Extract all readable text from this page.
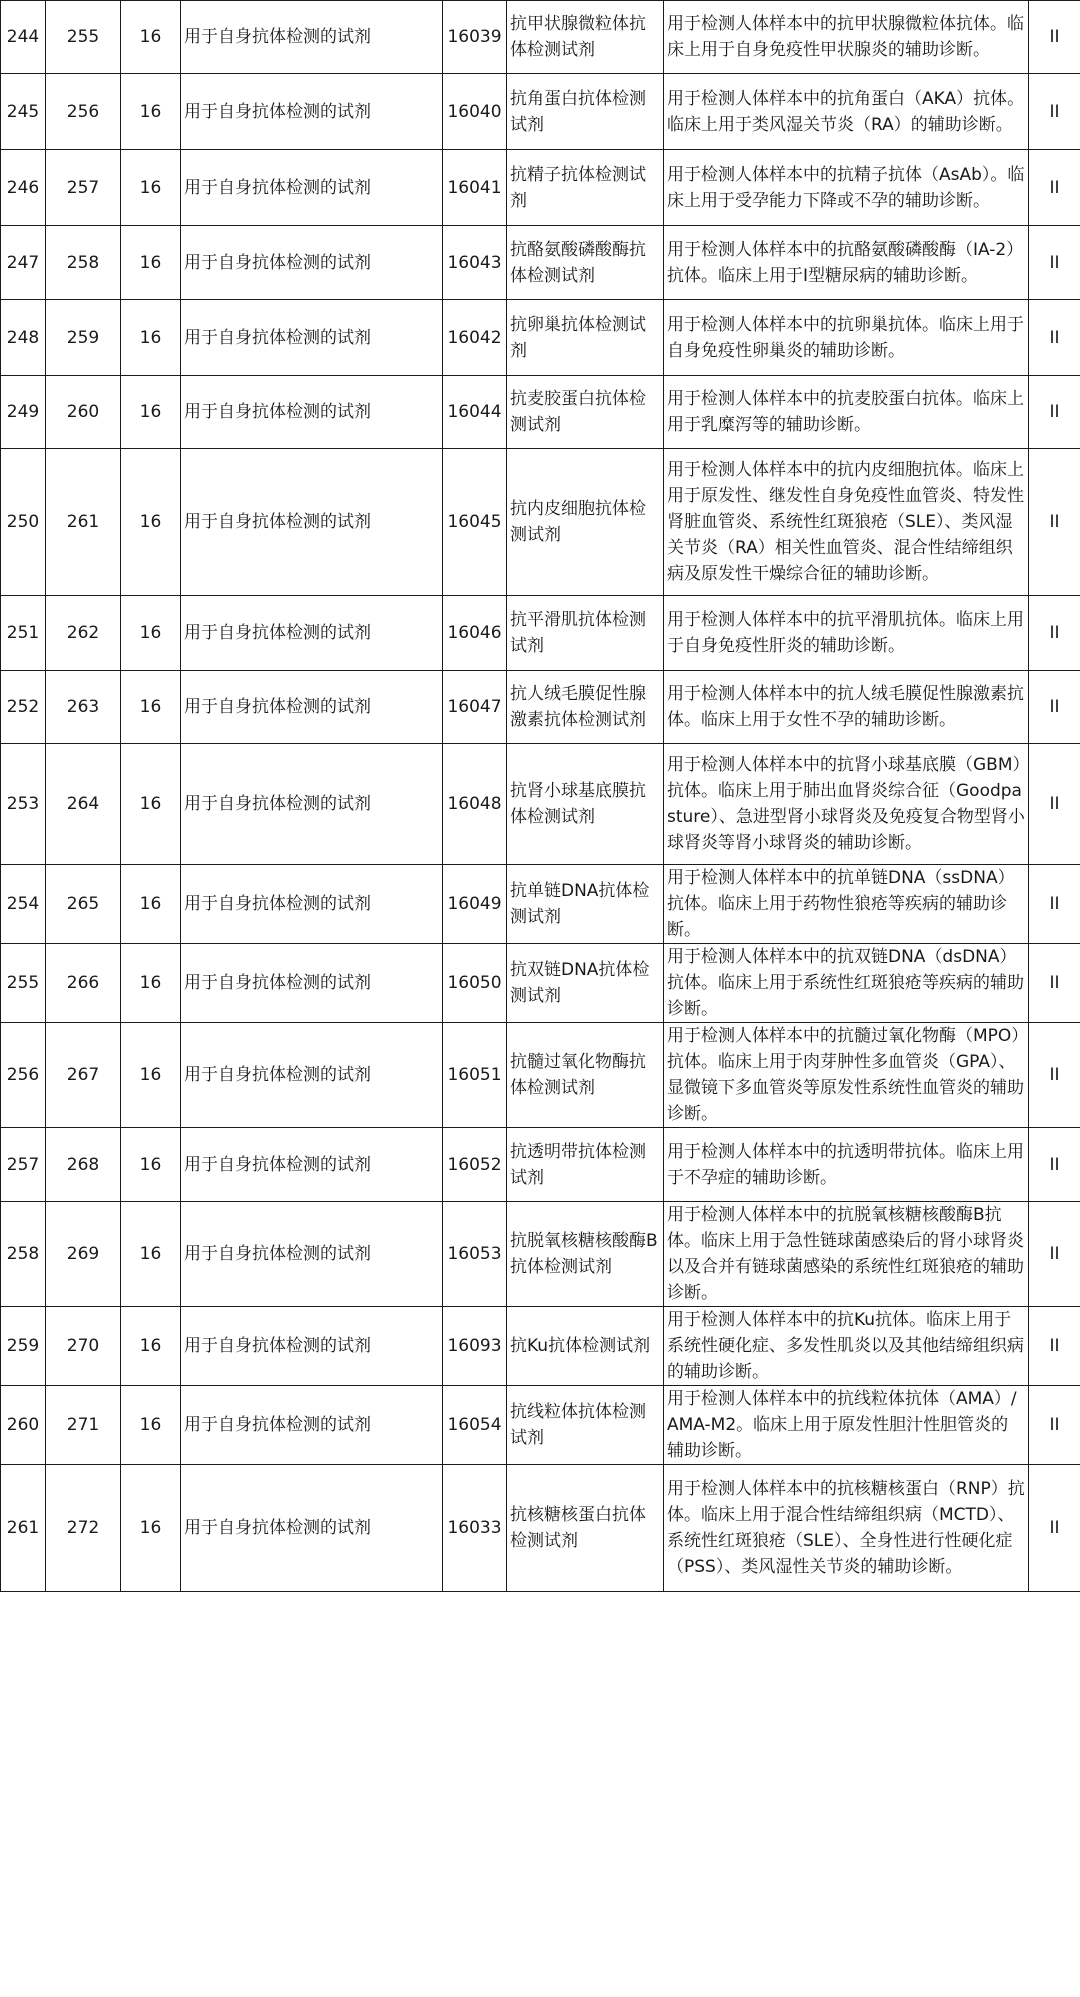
244	255	16	用于自身抗体检测的试剂	16039	抗甲状腺微粒体抗体检测试剂	用于检测人体样本中的抗甲状腺微粒体抗体。临床上用于自身免疫性甲状腺炎的辅助诊断。	II
245	256	16	用于自身抗体检测的试剂	16040	抗角蛋白抗体检测试剂	用于检测人体样本中的抗角蛋白（AKA）抗体。临床上用于类风湿关节炎（RA）的辅助诊断。	II
246	257	16	用于自身抗体检测的试剂	16041	抗精子抗体检测试剂	用于检测人体样本中的抗精子抗体（AsAb）。临床上用于受孕能力下降或不孕的辅助诊断。	II
247	258	16	用于自身抗体检测的试剂	16043	抗酪氨酸磷酸酶抗体检测试剂	用于检测人体样本中的抗酪氨酸磷酸酶（IA-2）抗体。临床上用于Ⅰ型糖尿病的辅助诊断。	II
248	259	16	用于自身抗体检测的试剂	16042	抗卵巢抗体检测试剂	用于检测人体样本中的抗卵巢抗体。临床上用于自身免疫性卵巢炎的辅助诊断。	II
249	260	16	用于自身抗体检测的试剂	16044	抗麦胶蛋白抗体检测试剂	用于检测人体样本中的抗麦胶蛋白抗体。临床上用于乳糜泻等的辅助诊断。	II
250	261	16	用于自身抗体检测的试剂	16045	抗内皮细胞抗体检测试剂	用于检测人体样本中的抗内皮细胞抗体。临床上用于原发性、继发性自身免疫性血管炎、特发性肾脏血管炎、系统性红斑狼疮（SLE）、类风湿关节炎（RA）相关性血管炎、混合性结缔组织病及原发性干燥综合征的辅助诊断。	II
251	262	16	用于自身抗体检测的试剂	16046	抗平滑肌抗体检测试剂	用于检测人体样本中的抗平滑肌抗体。临床上用于自身免疫性肝炎的辅助诊断。	II
252	263	16	用于自身抗体检测的试剂	16047	抗人绒毛膜促性腺激素抗体检测试剂	用于检测人体样本中的抗人绒毛膜促性腺激素抗体。临床上用于女性不孕的辅助诊断。	II
253	264	16	用于自身抗体检测的试剂	16048	抗肾小球基底膜抗体检测试剂	用于检测人体样本中的抗肾小球基底膜（GBM）抗体。临床上用于肺出血肾炎综合征（Goodpasture）、急进型肾小球肾炎及免疫复合物型肾小球肾炎等肾小球肾炎的辅助诊断。	II
254	265	16	用于自身抗体检测的试剂	16049	抗单链DNA抗体检测试剂	用于检测人体样本中的抗单链DNA（ssDNA）抗体。临床上用于药物性狼疮等疾病的辅助诊断。	II
255	266	16	用于自身抗体检测的试剂	16050	抗双链DNA抗体检测试剂	用于检测人体样本中的抗双链DNA（dsDNA）抗体。临床上用于系统性红斑狼疮等疾病的辅助诊断。	II
256	267	16	用于自身抗体检测的试剂	16051	抗髓过氧化物酶抗体检测试剂	用于检测人体样本中的抗髓过氧化物酶（MPO）抗体。临床上用于肉芽肿性多血管炎（GPA）、显微镜下多血管炎等原发性系统性血管炎的辅助诊断。	II
257	268	16	用于自身抗体检测的试剂	16052	抗透明带抗体检测试剂	用于检测人体样本中的抗透明带抗体。临床上用于不孕症的辅助诊断。	II
258	269	16	用于自身抗体检测的试剂	16053	抗脱氧核糖核酸酶B抗体检测试剂	用于检测人体样本中的抗脱氧核糖核酸酶B抗体。临床上用于急性链球菌感染后的肾小球肾炎以及合并有链球菌感染的系统性红斑狼疮的辅助诊断。	II
259	270	16	用于自身抗体检测的试剂	16093	抗Ku抗体检测试剂	用于检测人体样本中的抗Ku抗体。临床上用于系统性硬化症、多发性肌炎以及其他结缔组织病的辅助诊断。	II
260	271	16	用于自身抗体检测的试剂	16054	抗线粒体抗体检测试剂	用于检测人体样本中的抗线粒体抗体（AMA）/AMA-M2。临床上用于原发性胆汁性胆管炎的辅助诊断。	II
261	272	16	用于自身抗体检测的试剂	16033	抗核糖核蛋白抗体检测试剂	用于检测人体样本中的抗核糖核蛋白（RNP）抗体。临床上用于混合性结缔组织病（MCTD）、系统性红斑狼疮（SLE）、全身性进行性硬化症（PSS）、类风湿性关节炎的辅助诊断。	II
